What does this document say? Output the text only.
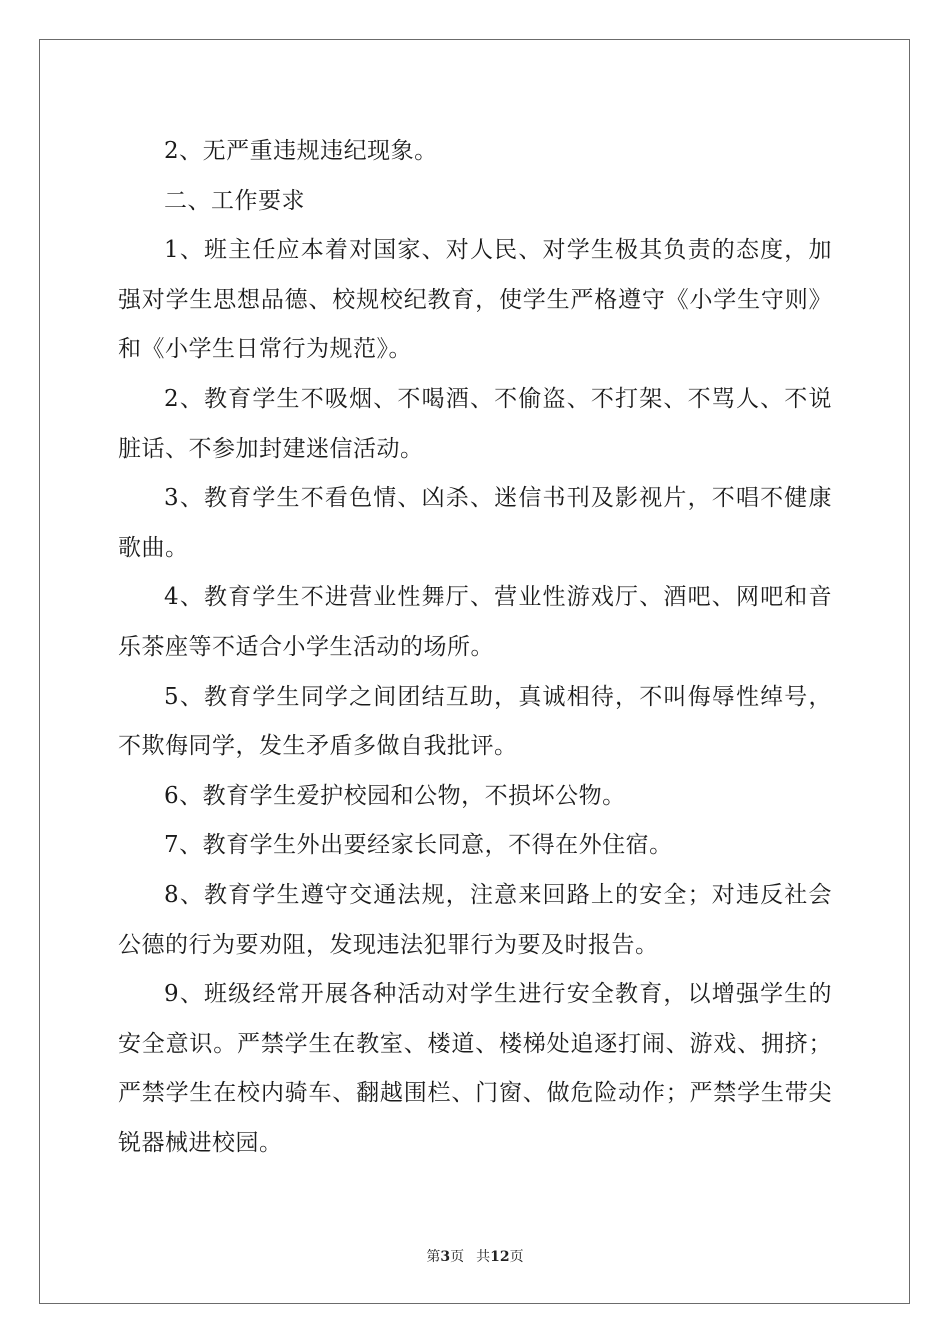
2、无严重违规违纪现象。
二、工作要求
1、班主任应本着对国家、对人民、对学生极其负责的态度，加
强对学生思想品德、校规校纪教育，使学生严格遵守《小学生守则》
和《小学生日常行为规范》。
2、教育学生不吸烟、不喝酒、不偷盗、不打架、不骂人、不说
脏话、不参加封建迷信活动。
3、教育学生不看色情、凶杀、迷信书刊及影视片，不唱不健康
歌曲。
4、教育学生不进营业性舞厅、营业性游戏厅、酒吧、网吧和音
乐茶座等不适合小学生活动的场所。
5、教育学生同学之间团结互助，真诚相待，不叫侮辱性绰号，
不欺侮同学，发生矛盾多做自我批评。
6、教育学生爱护校园和公物，不损坏公物。
7、教育学生外出要经家长同意，不得在外住宿。
8、教育学生遵守交通法规，注意来回路上的安全；对违反社会
公德的行为要劝阻，发现违法犯罪行为要及时报告。
9、班级经常开展各种活动对学生进行安全教育，以增强学生的
安全意识。严禁学生在教室、楼道、楼梯处追逐打闹、游戏、拥挤；
严禁学生在校内骑车、翻越围栏、门窗、做危险动作；严禁学生带尖
锐器械进校园。
第3页 共12页
